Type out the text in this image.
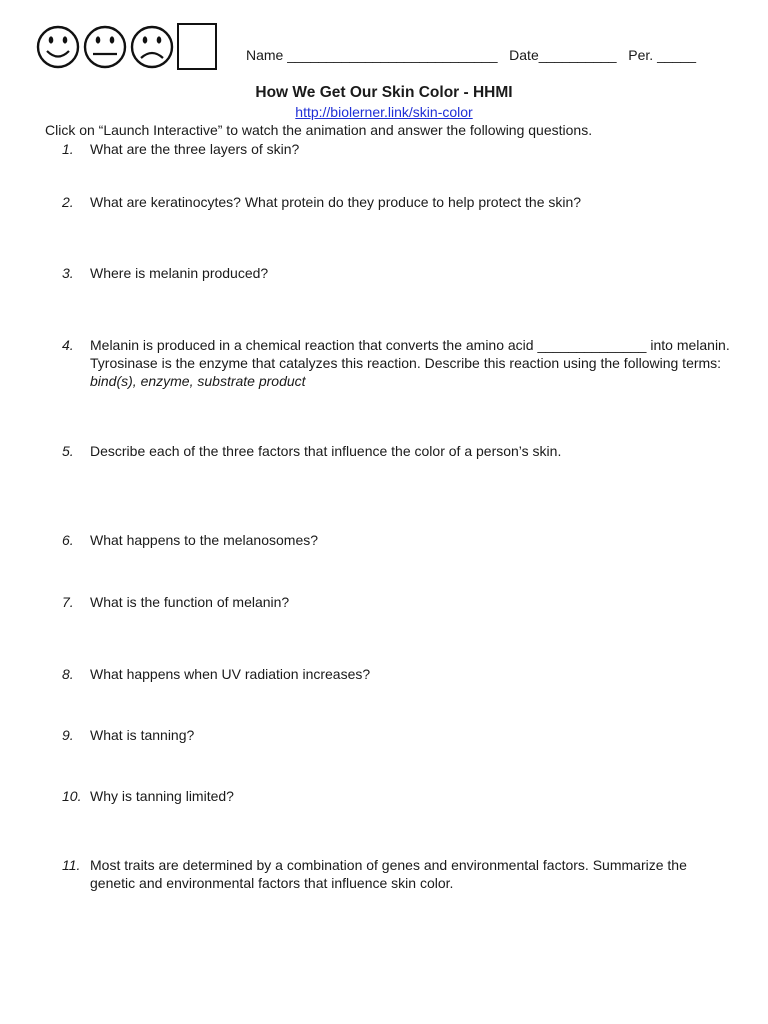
Name ___________________________ Date__________ Per. _____
How We Get Our Skin Color - HHMI
http://biolerner.link/skin-color
Click on “Launch Interactive” to watch the animation and answer the following questions.
1.	What are the three layers of skin?
2.	What are keratinocytes? What protein do they produce to help protect the skin?
3.	Where is melanin produced?
4.	Melanin is produced in a chemical reaction that converts the amino acid ______________ into melanin. Tyrosinase is the enzyme that catalyzes this reaction. Describe this reaction using the following terms: bind(s), enzyme, substrate product
5.	Describe each of the three factors that influence the color of a person’s skin.
6.	What happens to the melanosomes?
7.	What is the function of melanin?
8.	What happens when UV radiation increases?
9.	What is tanning?
10. Why is tanning limited?
11. Most traits are determined by a combination of genes and environmental factors. Summarize the genetic and environmental factors that influence skin color.
